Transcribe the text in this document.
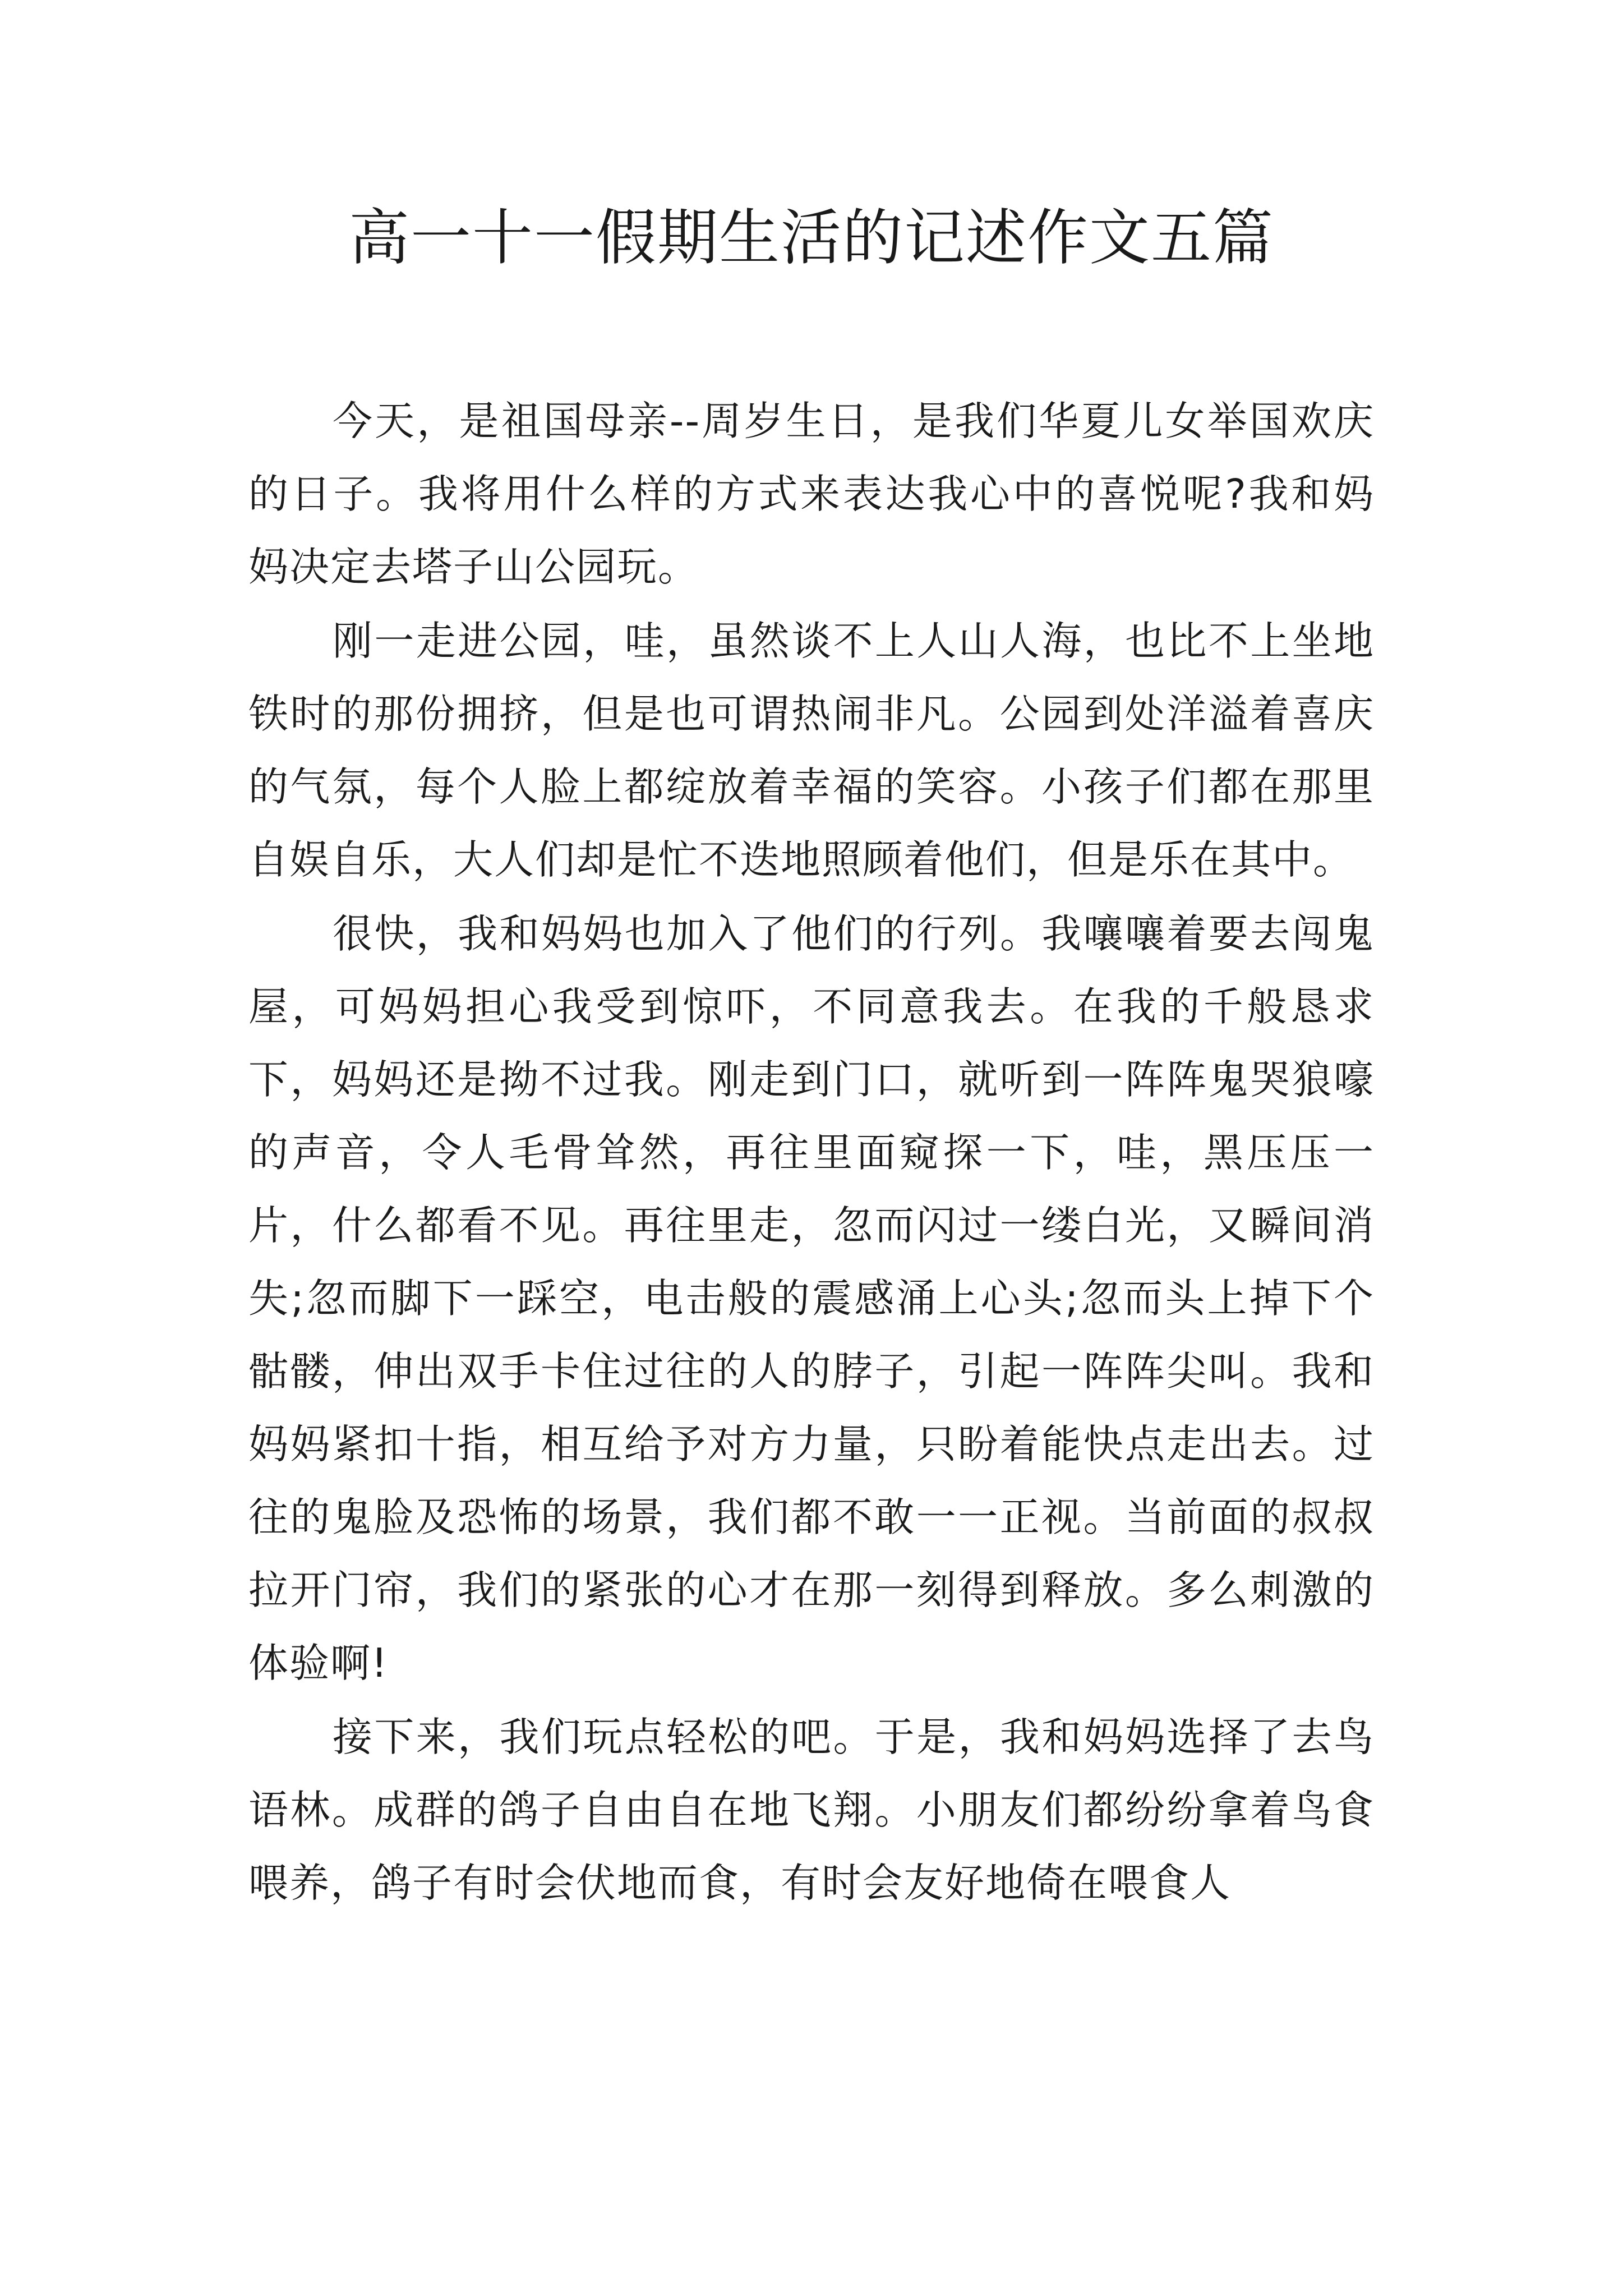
高一十一假期生活的记述作文五篇

今天，是祖国母亲--周岁生日，是我们华夏儿女举国欢庆的日子。我将用什么样的方式来表达我心中的喜悦呢?我和妈妈决定去塔子山公园玩。

刚一走进公园，哇，虽然谈不上人山人海，也比不上坐地铁时的那份拥挤，但是也可谓热闹非凡。公园到处洋溢着喜庆的气氛，每个人脸上都绽放着幸福的笑容。小孩子们都在那里自娱自乐，大人们却是忙不迭地照顾着他们，但是乐在其中。

很快，我和妈妈也加入了他们的行列。我嚷嚷着要去闯鬼屋，可妈妈担心我受到惊吓，不同意我去。在我的千般恳求下，妈妈还是拗不过我。刚走到门口，就听到一阵阵鬼哭狼嚎的声音，令人毛骨耸然，再往里面窥探一下，哇，黑压压一片，什么都看不见。再往里走，忽而闪过一缕白光，又瞬间消失;忽而脚下一踩空，电击般的震感涌上心头;忽而头上掉下个骷髅，伸出双手卡住过往的人的脖子，引起一阵阵尖叫。我和妈妈紧扣十指，相互给予对方力量，只盼着能快点走出去。过往的鬼脸及恐怖的场景，我们都不敢一一正视。当前面的叔叔拉开门帘，我们的紧张的心才在那一刻得到释放。多么刺激的体验啊!

接下来，我们玩点轻松的吧。于是，我和妈妈选择了去鸟语林。成群的鸽子自由自在地飞翔。小朋友们都纷纷拿着鸟食喂养，鸽子有时会伏地而食，有时会友好地倚在喂食人
